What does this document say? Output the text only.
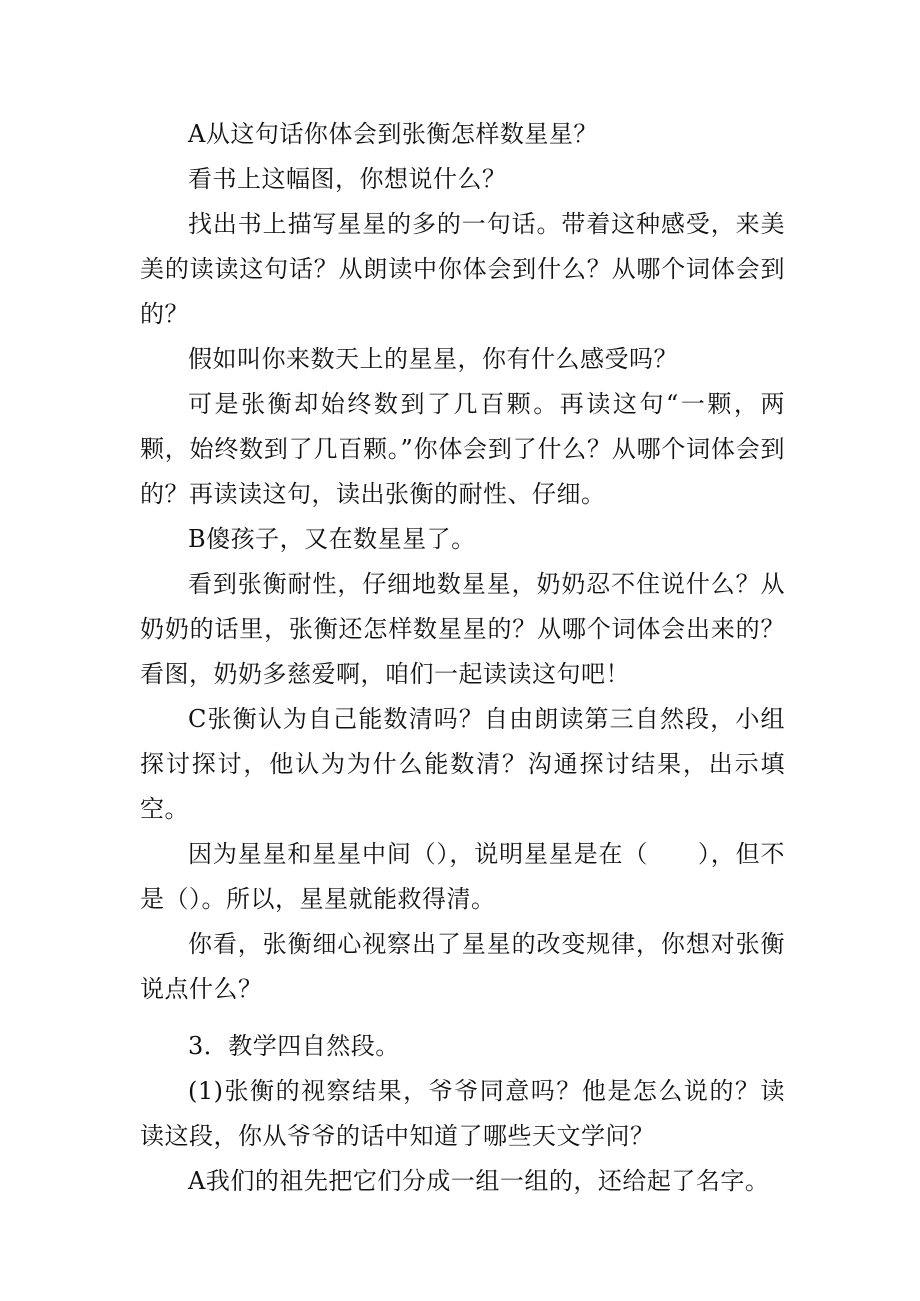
A从这句话你体会到张衡怎样数星星？

看书上这幅图，你想说什么？

找出书上描写星星的多的一句话。带着这种感受，来美美的读读这句话？从朗读中你体会到什么？从哪个词体会到的？

假如叫你来数天上的星星，你有什么感受吗？

可是张衡却始终数到了几百颗。再读这句“一颗，两颗，始终数到了几百颗。”你体会到了什么？从哪个词体会到的？再读读这句，读出张衡的耐性、仔细。

B傻孩子，又在数星星了。

看到张衡耐性，仔细地数星星，奶奶忍不住说什么？从奶奶的话里，张衡还怎样数星星的？从哪个词体会出来的？看图，奶奶多慈爱啊，咱们一起读读这句吧！

C张衡认为自己能数清吗？自由朗读第三自然段，小组探讨探讨，他认为为什么能数清？沟通探讨结果，出示填空。

因为星星和星星中间（），说明星星是在（　　），但不是（）。所以，星星就能救得清。

你看，张衡细心视察出了星星的改变规律，你想对张衡说点什么？

3．教学四自然段。

(1)张衡的视察结果，爷爷同意吗？他是怎么说的？读读这段，你从爷爷的话中知道了哪些天文学问？

A我们的祖先把它们分成一组一组的，还给起了名字。
